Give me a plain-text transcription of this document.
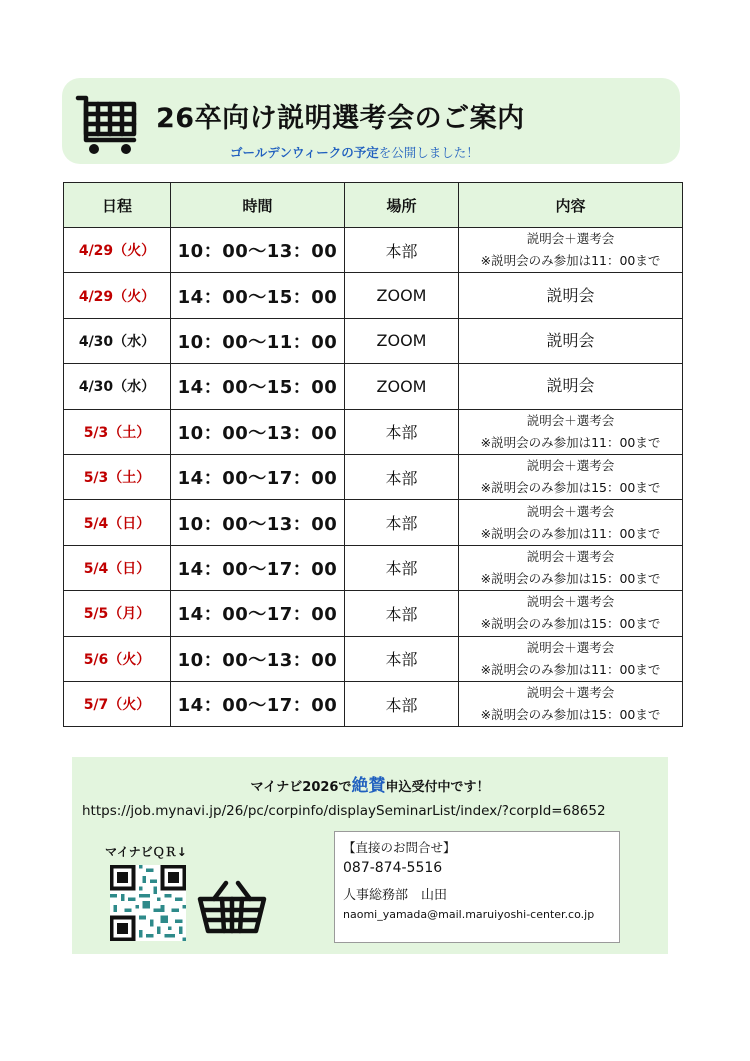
26卒向け説明選考会のご案内
ゴールデンウィークの予定を公開しました！
日程	時間	場所	内容
4/29（火）	10：00〜13：00	本部	説明会＋選考会
※説明会のみ参加は11：00まで

4/29（火）	14：00〜15：00	ZOOM	説明会

4/30（水）	10：00〜11：00	ZOOM	説明会

4/30（水）	14：00〜15：00	ZOOM	説明会

5/3（土）	10：00〜13：00	本部	説明会＋選考会
※説明会のみ参加は11：00まで

5/3（土）	14：00〜17：00	本部	説明会＋選考会
※説明会のみ参加は15：00まで

5/4（日）	10：00〜13：00	本部	説明会＋選考会
※説明会のみ参加は11：00まで

5/4（日）	14：00〜17：00	本部	説明会＋選考会
※説明会のみ参加は15：00まで

5/5（月）	14：00〜17：00	本部	説明会＋選考会
※説明会のみ参加は15：00まで

5/6（火）	10：00〜13：00	本部	説明会＋選考会
※説明会のみ参加は11：00まで

5/7（火）	14：00〜17：00	本部	説明会＋選考会
※説明会のみ参加は15：00まで
マイナビ2026で絶賛申込受付中です！
https://job.mynavi.jp/26/pc/corpinfo/displaySeminarList/index/?corpId=68652
マイナビＱＲ↓	【直接のお問合せ】
087-874-5516
人事総務部　山田
naomi_yamada@mail.maruiyoshi-center.co.jp
